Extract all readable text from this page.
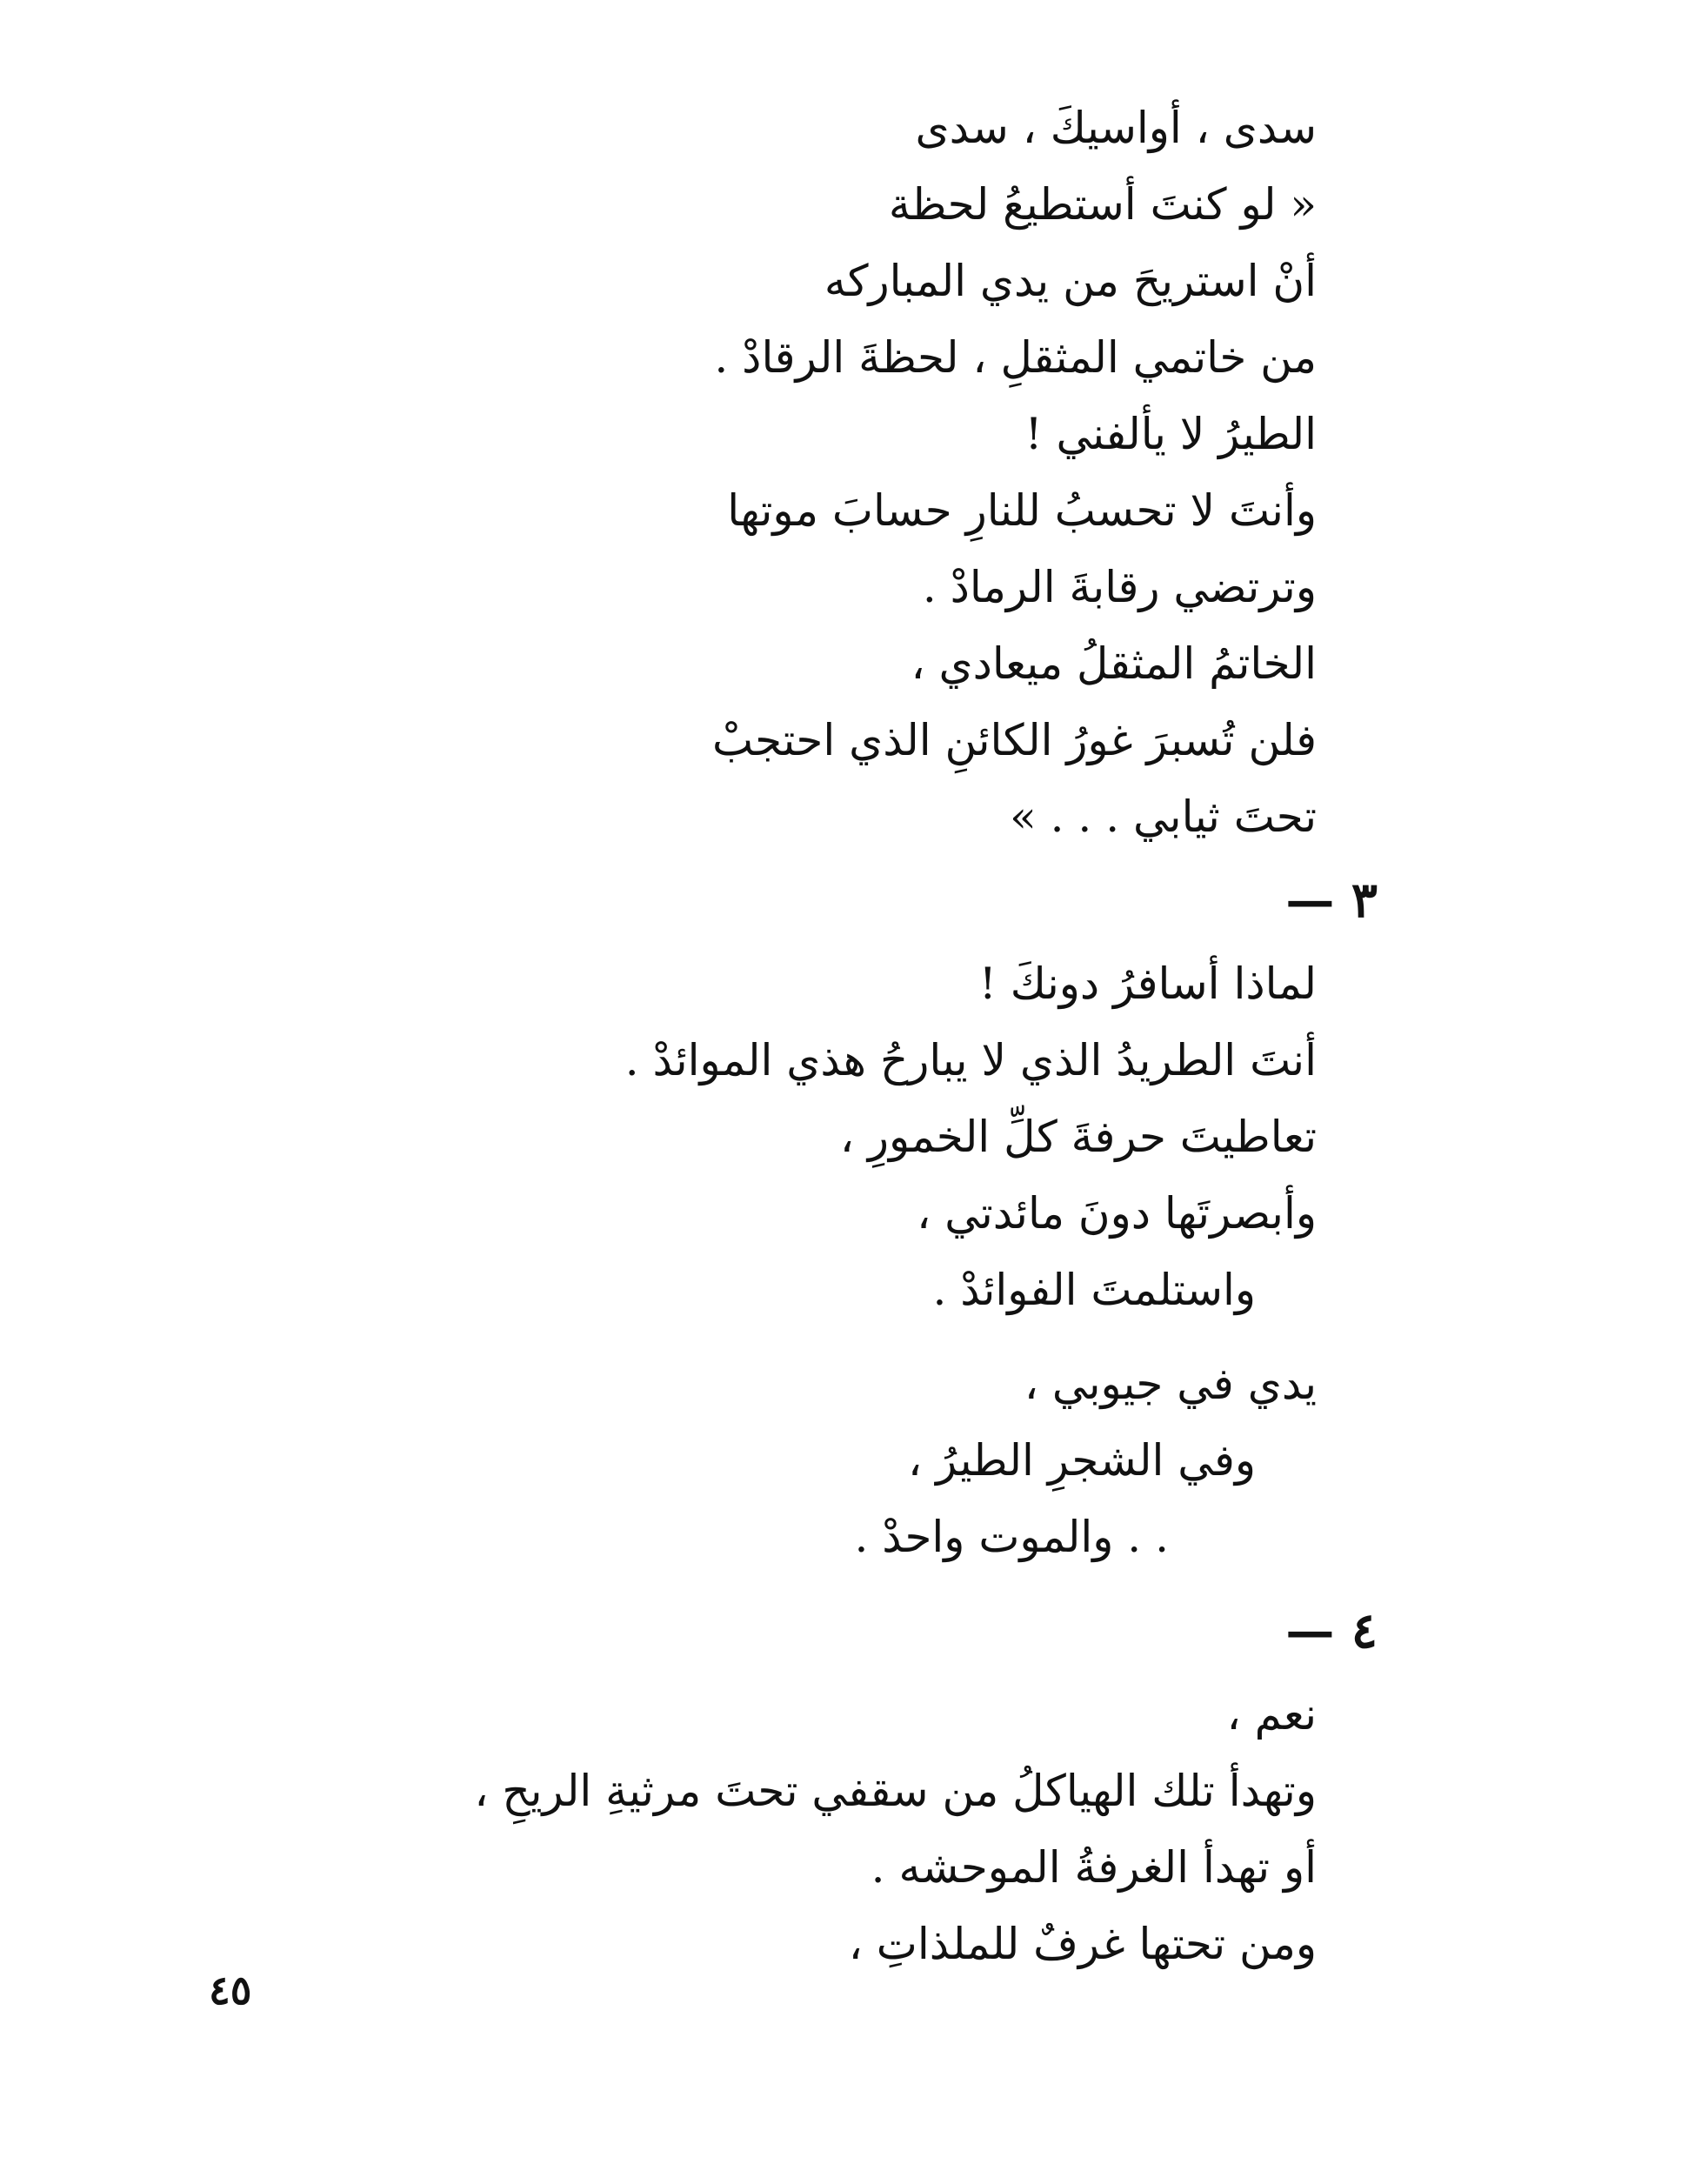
سدى ، أواسيكَ ، سدى
« لو كنتَ أستطيعُ لحظة
أنْ استريحَ من يدي المباركه
من خاتمي المثقلِ ، لحظةَ الرقادْ .
الطيرُ لا يألفني !
وأنتَ لا تحسبُ للنارِ حسابَ موتها
وترتضي رقابةَ الرمادْ .
الخاتمُ المثقلُ ميعادي ،
فلن تُسبرَ غورُ الكائنِ الذي احتجبْ
تحتَ ثيابي . . . »
٣ —
لماذا أسافرُ دونكَ !
أنتَ الطريدُ الذي لا يبارحُ هذي الموائدْ .
تعاطيتَ حرفةَ كلِّ الخمورِ ،
وأبصرتَها دونَ مائدتي ،
واستلمتَ الفوائدْ .
يدي في جيوبي ،
وفي الشجرِ الطيرُ ،
. . والموت واحدْ .
٤ —
نعم ،
وتهدأ تلك الهياكلُ من سقفي تحتَ مرثيةِ الريحِ ،
أو تهدأ الغرفةُ الموحشه .
ومن تحتها غرفٌ للملذاتِ ،
٤٥
